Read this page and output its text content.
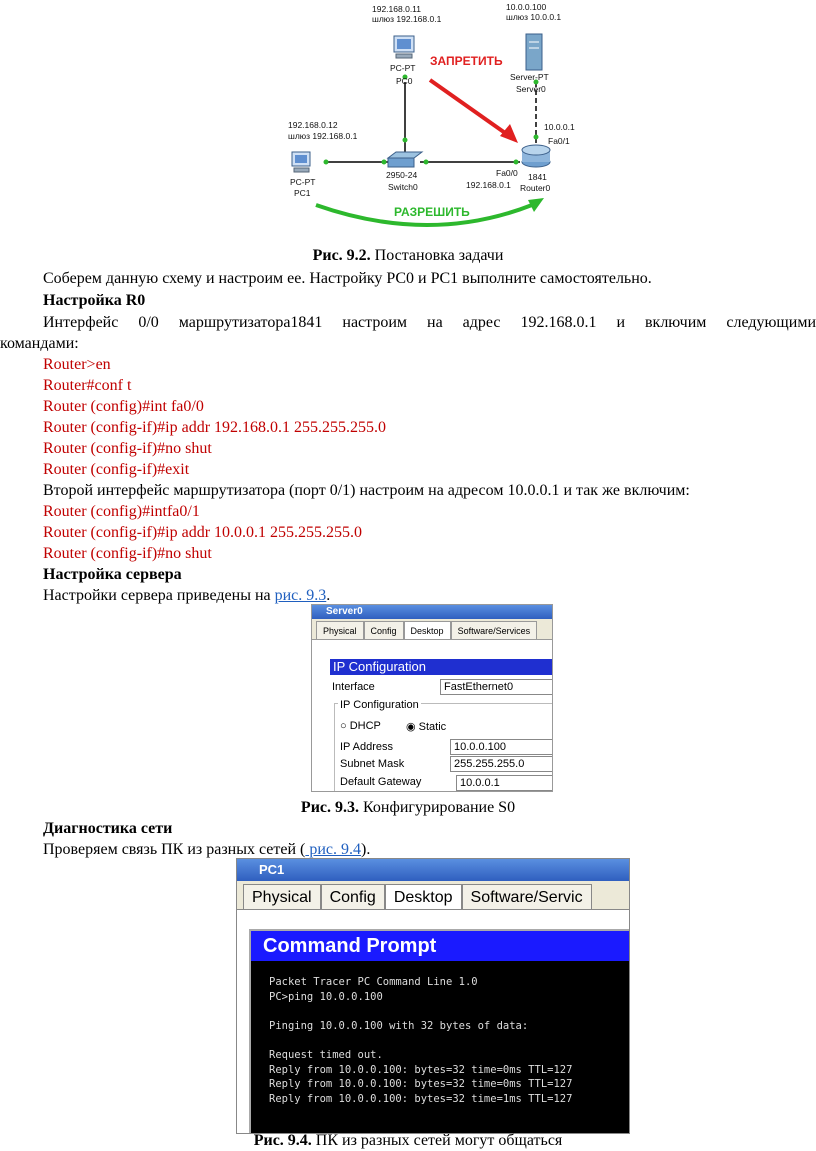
192.168.0.11
шлюз 192.168.0.1
PC-PT
PC0
10.0.0.100
шлюз 10.0.0.1
Server-PT
Server0
ЗАПРЕТИТЬ
192.168.0.12
шлюз 192.168.0.1
PC-PT
PC1
2950-24
Switch0
10.0.0.1
Fa0/1
Fa0/0
192.168.0.1
1841
Router0
РАЗРЕШИТЬ
Рис. 9.2. Постановка задачи
Соберем данную схему и настроим ее. Настройку PC0 и PC1 выполните самостоятельно.
Настройка R0
Интерфейс 0/0 маршрутизатора1841 настроим на адрес 192.168.0.1 и включим следующими
командами:
Router>en
Router#conf t
Router (config)#int fa0/0
Router (config-if)#ip addr 192.168.0.1 255.255.255.0
Router (config-if)#no shut
Router (config-if)#exit
Второй интерфейс маршрутизатора (порт 0/1) настроим на адресом 10.0.0.1 и так же включим:
Router (config)#intfa0/1
Router (config-if)#ip addr 10.0.0.1 255.255.255.0
Router (config-if)#no shut
Настройка сервера
Настройки сервера приведены на рис. 9.3.
Server0
Physical	Config	Desktop	Software/Services
IP Configuration
Interface	FastEthernet0
IP Configuration
○ DHCP ◉ Static
IP Address	10.0.0.100
Subnet Mask	255.255.255.0
Default Gateway	10.0.0.1
Рис. 9.3. Конфигурирование S0
Диагностика сети
Проверяем связь ПК из разных сетей ( рис. 9.4).
PC1
Physical	Config	Desktop	Software/Servic
Command Prompt
Packet Tracer PC Command Line 1.0
PC>ping 10.0.0.100

Pinging 10.0.0.100 with 32 bytes of data:

Request timed out.
Reply from 10.0.0.100: bytes=32 time=0ms TTL=127
Reply from 10.0.0.100: bytes=32 time=0ms TTL=127
Reply from 10.0.0.100: bytes=32 time=1ms TTL=127
Рис. 9.4. ПК из разных сетей могут общаться
